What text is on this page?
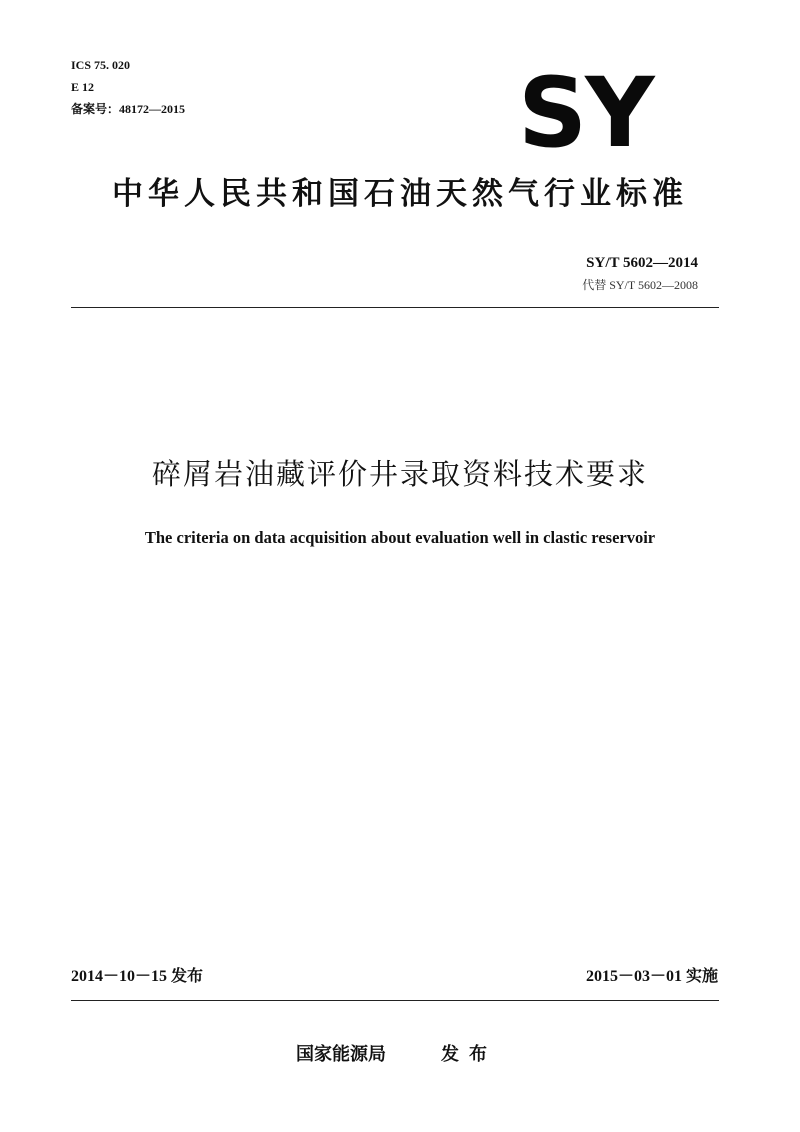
ICS 75. 020
E 12
备案号：48172—2015	SY
中华人民共和国石油天然气行业标准
SY/T 5602—2014
代替 SY/T 5602—2008
碎屑岩油藏评价井录取资料技术要求
The criteria on data acquisition about evaluation well in clastic reservoir
2014－10－15 发布	2015－03－01 实施
国家能源局	发布
